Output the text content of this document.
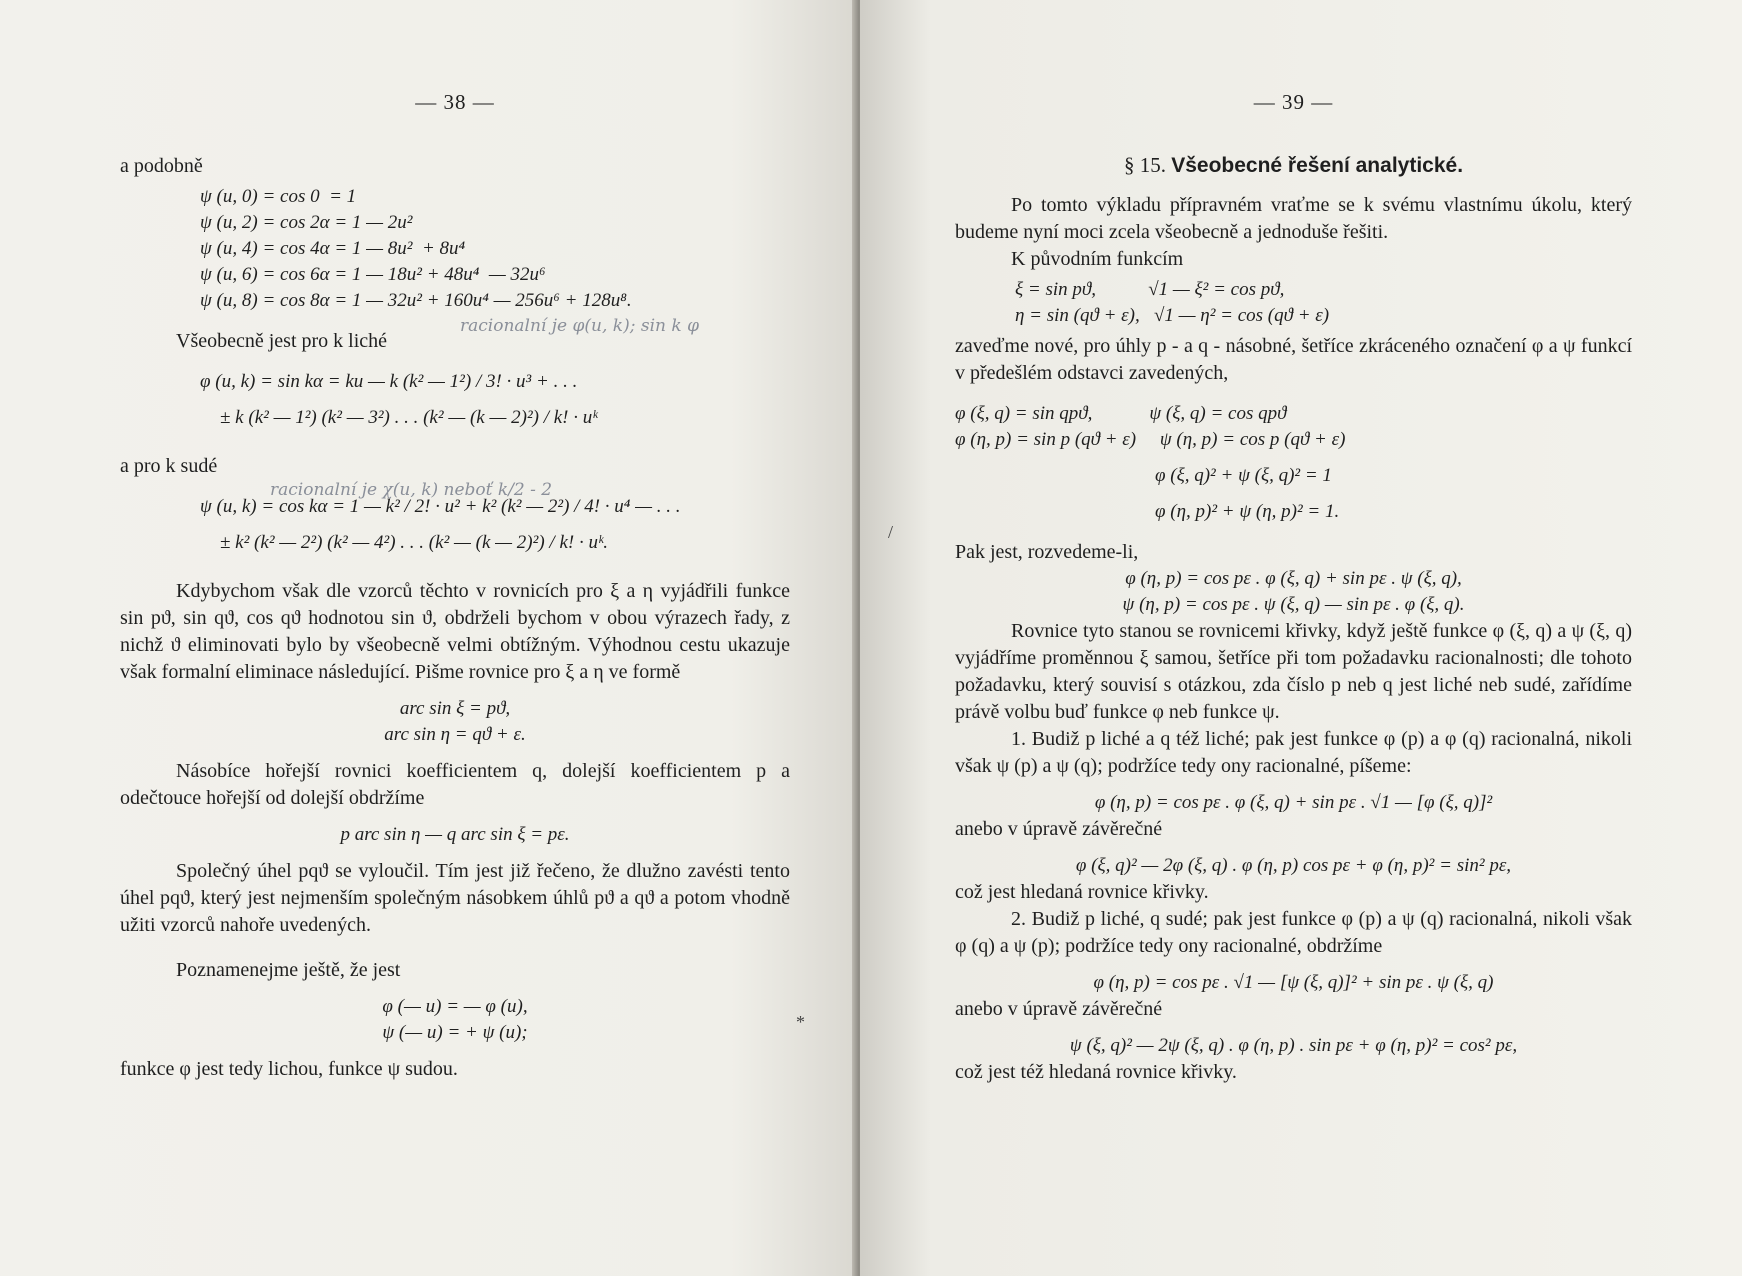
— 38 —

a podobně

ψ (u, 0) = cos 0  = 1

ψ (u, 2) = cos 2α = 1 — 2u²

ψ (u, 4) = cos 4α = 1 — 8u²  + 8u⁴

ψ (u, 6) = cos 6α = 1 — 18u² + 48u⁴  — 32u⁶

ψ (u, 8) = cos 8α = 1 — 32u² + 160u⁴ — 256u⁶ + 128u⁸.

Všeobecně jest pro k liché

φ (u, k) = sin kα = ku — k (k² — 1²) / 3! · u³ + . . .

± k (k² — 1²) (k² — 3²) . . . (k² — (k — 2)²) / k! · uᵏ

a pro k sudé

ψ (u, k) = cos kα = 1 — k² / 2! · u² + k² (k² — 2²) / 4! · u⁴ — . . .

± k² (k² — 2²) (k² — 4²) . . . (k² — (k — 2)²) / k! · uᵏ.

Kdybychom však dle vzorců těchto v rovnicích pro ξ a η vyjádřili funkce sin pϑ, sin qϑ, cos qϑ hodnotou sin ϑ, obdrželi bychom v obou výrazech řady, z nichž ϑ eliminovati bylo by všeobecně velmi obtížným. Výhodnou cestu ukazuje však formalní eliminace následující. Pišme rovnice pro ξ a η ve formě

arc sin ξ = pϑ,

arc sin η = qϑ + ε.

Násobíce hořejší rovnici koefficientem q, dolejší koefficientem p a odečtouce hořejší od dolejší obdržíme

p arc sin η — q arc sin ξ = pε.

Společný úhel pqϑ se vyloučil. Tím jest již řečeno, že dlužno zavésti tento úhel pqϑ, který jest nejmenším společným násobkem úhlů pϑ a qϑ a potom vhodně užiti vzorců nahoře uvedených.

Poznamenejme ještě, že jest

φ (— u) = — φ (u),

ψ (— u) = + ψ (u);

funkce φ jest tedy lichou, funkce ψ sudou.

racionalní je φ(u, k); sin k φ
racionalní je χ(u, k) neboť k/2 - 2
*
— 39 —
§ 15. Všeobecné řešení analytické.

Po tomto výkladu přípravném vraťme se k svému vlastnímu úkolu, který budeme nyní moci zcela všeobecně a jednoduše řešiti.

K původním funkcím

ξ = sin pϑ,           √1 — ξ² = cos pϑ,

η = sin (qϑ + ε),   √1 — η² = cos (qϑ + ε)

zaveďme nové, pro úhly p - a q - násobné, šetříce zkráceného označení φ a ψ funkcí v předešlém odstavci zavedených,

φ (ξ, q) = sin qpϑ,            ψ (ξ, q) = cos qpϑ

φ (η, p) = sin p (qϑ + ε)     ψ (η, p) = cos p (qϑ + ε)

φ (ξ, q)² + ψ (ξ, q)² = 1

φ (η, p)² + ψ (η, p)² = 1.

Pak jest, rozvedeme-li,

φ (η, p) = cos pε . φ (ξ, q) + sin pε . ψ (ξ, q),

ψ (η, p) = cos pε . ψ (ξ, q) — sin pε . φ (ξ, q).

Rovnice tyto stanou se rovnicemi křivky, když ještě funkce φ (ξ, q) a ψ (ξ, q) vyjádříme proměnnou ξ samou, šetříce při tom požadavku racionalnosti; dle tohoto požadavku, který souvisí s otázkou, zda číslo p neb q jest liché neb sudé, zařídíme právě volbu buď funkce φ neb funkce ψ.

1. Budiž p liché a q též liché; pak jest funkce φ (p) a φ (q) racionalná, nikoli však ψ (p) a ψ (q); podržíce tedy ony racionalné, píšeme:

φ (η, p) = cos pε . φ (ξ, q) + sin pε . √1 — [φ (ξ, q)]²

anebo v úpravě závěrečné

φ (ξ, q)² — 2φ (ξ, q) . φ (η, p) cos pε + φ (η, p)² = sin² pε,

což jest hledaná rovnice křivky.

2. Budiž p liché, q sudé; pak jest funkce φ (p) a ψ (q) racionalná, nikoli však φ (q) a ψ (p); podržíce tedy ony racionalné, obdržíme

φ (η, p) = cos pε . √1 — [ψ (ξ, q)]² + sin pε . ψ (ξ, q)

anebo v úpravě závěrečné

ψ (ξ, q)² — 2ψ (ξ, q) . φ (η, p) . sin pε + φ (η, p)² = cos² pε,

což jest též hledaná rovnice křivky.

/
